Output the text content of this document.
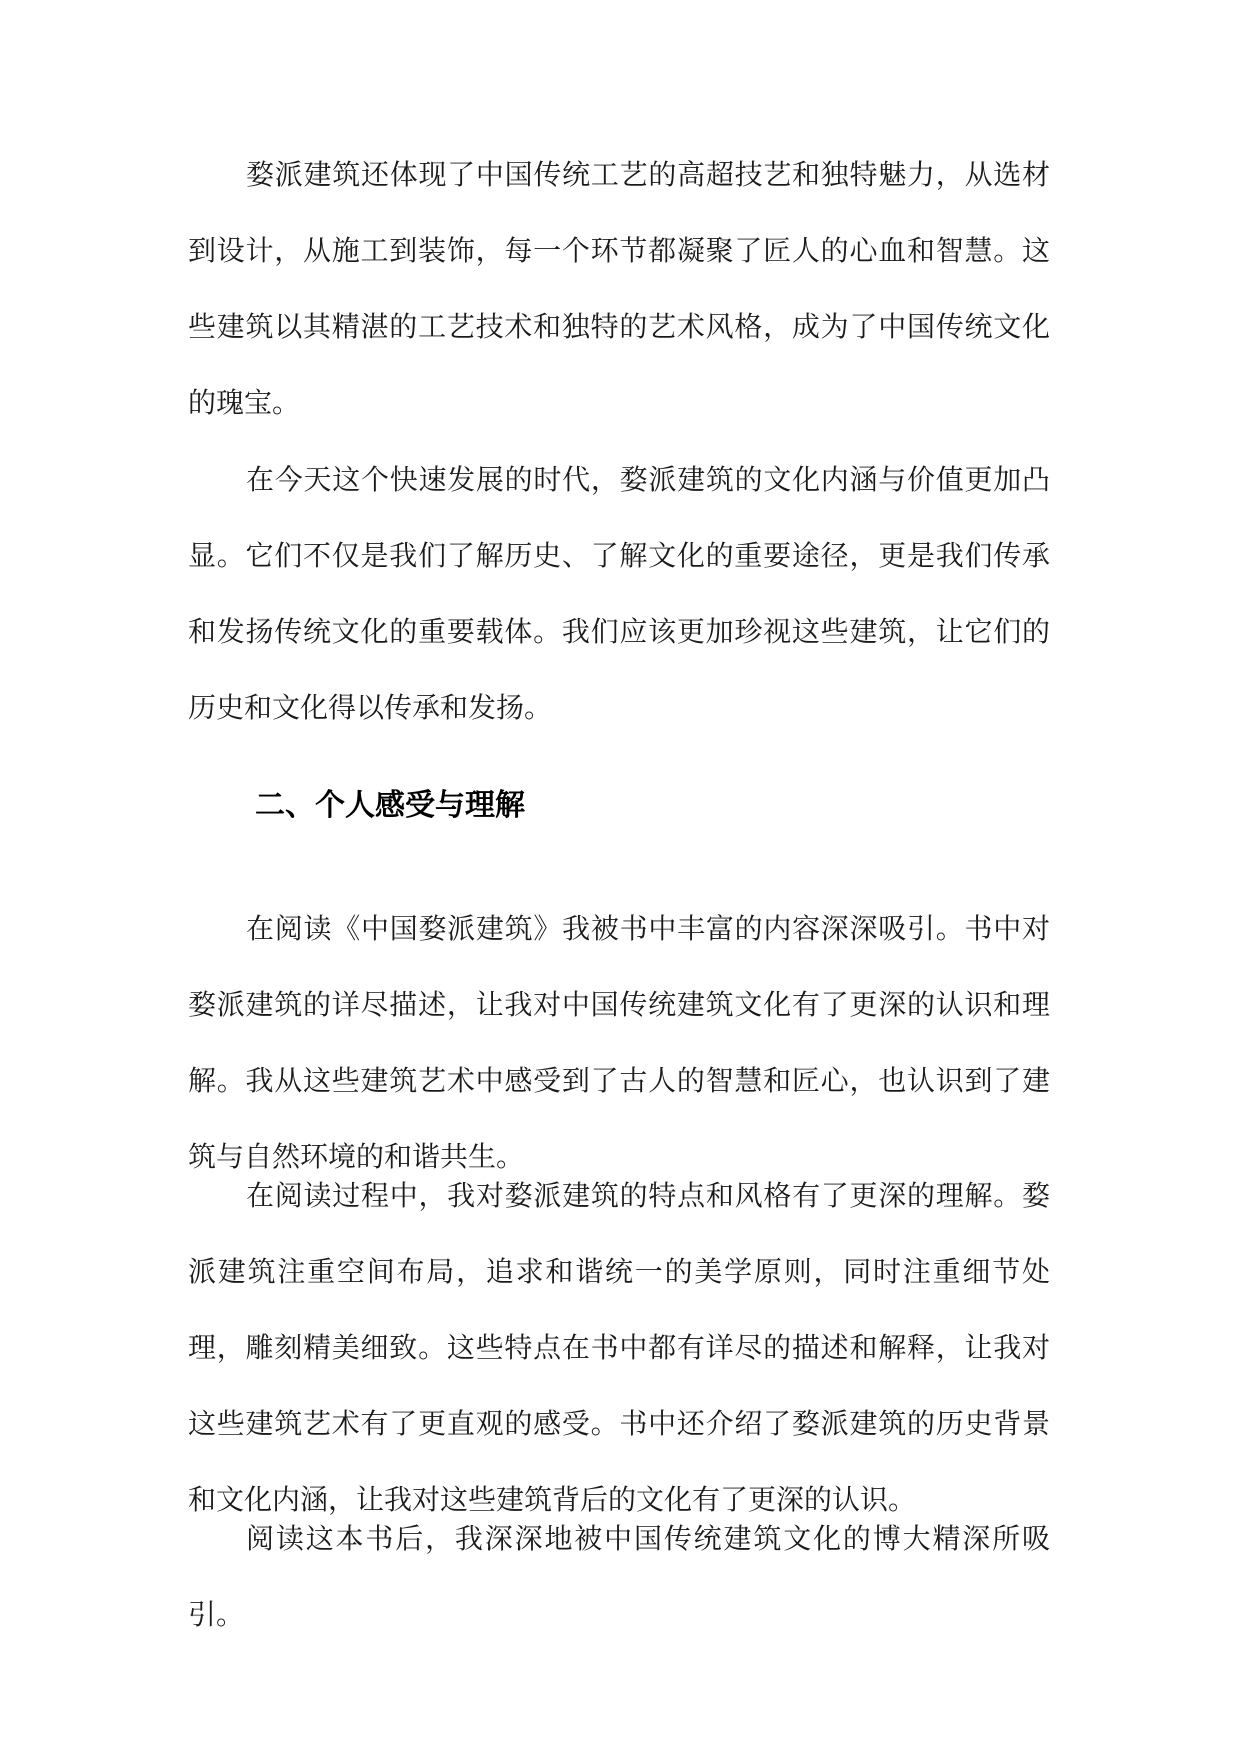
婺派建筑还体现了中国传统工艺的高超技艺和独特魅力，从选材到设计，从施工到装饰，每一个环节都凝聚了匠人的心血和智慧。这些建筑以其精湛的工艺技术和独特的艺术风格，成为了中国传统文化的瑰宝。

在今天这个快速发展的时代，婺派建筑的文化内涵与价值更加凸显。它们不仅是我们了解历史、了解文化的重要途径，更是我们传承和发扬传统文化的重要载体。我们应该更加珍视这些建筑，让它们的历史和文化得以传承和发扬。

二、个人感受与理解

在阅读《中国婺派建筑》我被书中丰富的内容深深吸引。书中对婺派建筑的详尽描述，让我对中国传统建筑文化有了更深的认识和理解。我从这些建筑艺术中感受到了古人的智慧和匠心，也认识到了建筑与自然环境的和谐共生。

在阅读过程中，我对婺派建筑的特点和风格有了更深的理解。婺派建筑注重空间布局，追求和谐统一的美学原则，同时注重细节处理，雕刻精美细致。这些特点在书中都有详尽的描述和解释，让我对这些建筑艺术有了更直观的感受。书中还介绍了婺派建筑的历史背景和文化内涵，让我对这些建筑背后的文化有了更深的认识。

阅读这本书后，我深深地被中国传统建筑文化的博大精深所吸引。
